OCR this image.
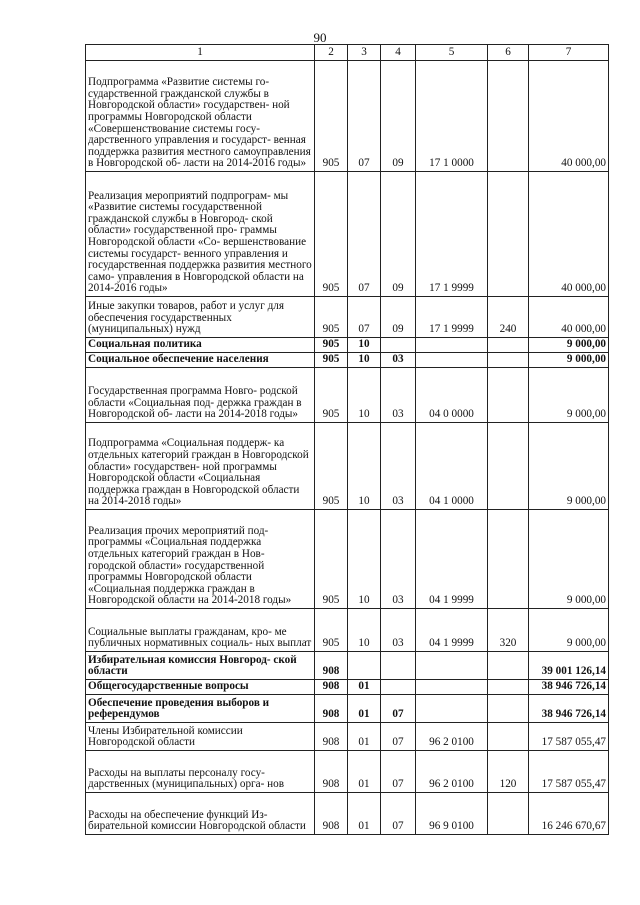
90
1	2	3	4	5	6	7
Подпрограмма «Развитие системы го- сударственной гражданской службы в Новгородской области» государствен- ной программы Новгородской области «Совершенствование системы госу- дарственного управления и государст- венная поддержка развития местного самоуправления в Новгородской об- ласти на 2014-2016 годы»	905	07	09	17 1 0000		40 000,00
Реализация мероприятий подпрограм- мы «Развитие системы государственной гражданской службы в Новгород- ской области» государственной про- граммы Новгородской области «Со- вершенствование системы государст- венного управления и государственная поддержка развития местного само- управления в Новгородской области на 2014-2016 годы»	905	07	09	17 1 9999		40 000,00
Иные закупки товаров, работ и услуг для обеспечения государственных (муниципальных) нужд	905	07	09	17 1 9999	240	40 000,00
Социальная политика	905	10				9 000,00
Социальное обеспечение населения	905	10	03			9 000,00
Государственная программа Новго- родской области «Социальная под- держка граждан в Новгородской об- ласти на 2014-2018 годы»	905	10	03	04 0 0000		9 000,00
Подпрограмма «Социальная поддерж- ка отдельных категорий граждан в Новгородской области» государствен- ной программы Новгородской области «Социальная поддержка граждан в Новгородской области на 2014-2018 годы»	905	10	03	04 1 0000		9 000,00
Реализация прочих мероприятий под- программы «Социальная поддержка отдельных категорий граждан в Нов- городской области» государственной программы Новгородской области «Социальная поддержка граждан в Новгородской области на 2014-2018 годы»	905	10	03	04 1 9999		9 000,00
Социальные выплаты гражданам, кро- ме публичных нормативных социаль- ных выплат	905	10	03	04 1 9999	320	9 000,00
Избирательная комиссия Новгород- ской области	908					39 001 126,14
Общегосударственные вопросы	908	01				38 946 726,14
Обеспечение проведения выборов и референдумов	908	01	07			38 946 726,14
Члены Избирательной комиссии Новгородской области	908	01	07	96 2 0100		17 587 055,47
Расходы на выплаты персоналу госу- дарственных (муниципальных) орга- нов	908	01	07	96 2 0100	120	17 587 055,47
Расходы на обеспечение функций Из- бирательной комиссии Новгородской области	908	01	07	96 9 0100		16 246 670,67
